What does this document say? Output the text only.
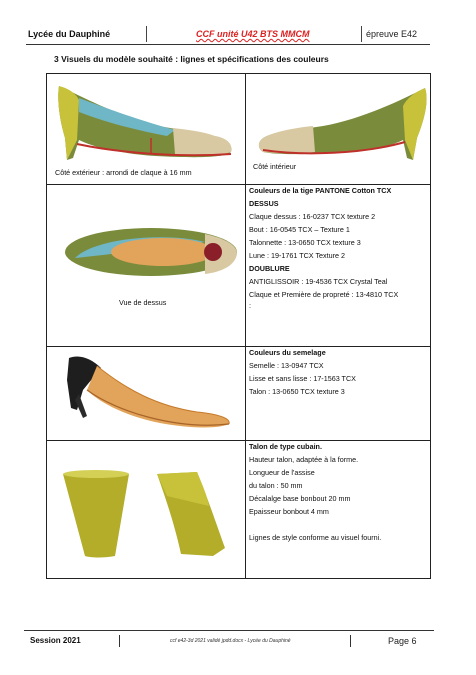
Lycée du Dauphiné	CCF unité U42 BTS MMCM	épreuve E42
3 Visuels du modèle souhaité : lignes et spécifications des couleurs
Côté extérieur : arrondi de claque à 16 mm
Côté intérieur
Vue de dessus
Couleurs de la tige PANTONE Cotton TCX
DESSUS
Claque dessus : 16-0237 TCX texture 2
Bout : 16-0545 TCX – Texture 1
Talonnette : 13-0650 TCX texture 3
Lune : 19-1761 TCX Texture 2
DOUBLURE
ANTIGLISSOIR : 19-4536 TCX Crystal Teal
Claque et Première de propreté : 13-4810 TCX
:
Couleurs du semelage
Semelle : 13-0947 TCX
Lisse et sans lisse : 17-1563 TCX
Talon : 13-0650 TCX texture 3
Talon de type cubain.
Hauteur talon, adaptée à la forme.
Longueur de l'assise
du talon : 50 mm
Décalalge base bonbout 20 mm
Epaisseur bonbout 4 mm
Lignes de style conforme au visuel fourni.
Session 2021	ccf e42-3d 2021 validé jpdd.docx - Lycée du Dauphiné	Page 6
